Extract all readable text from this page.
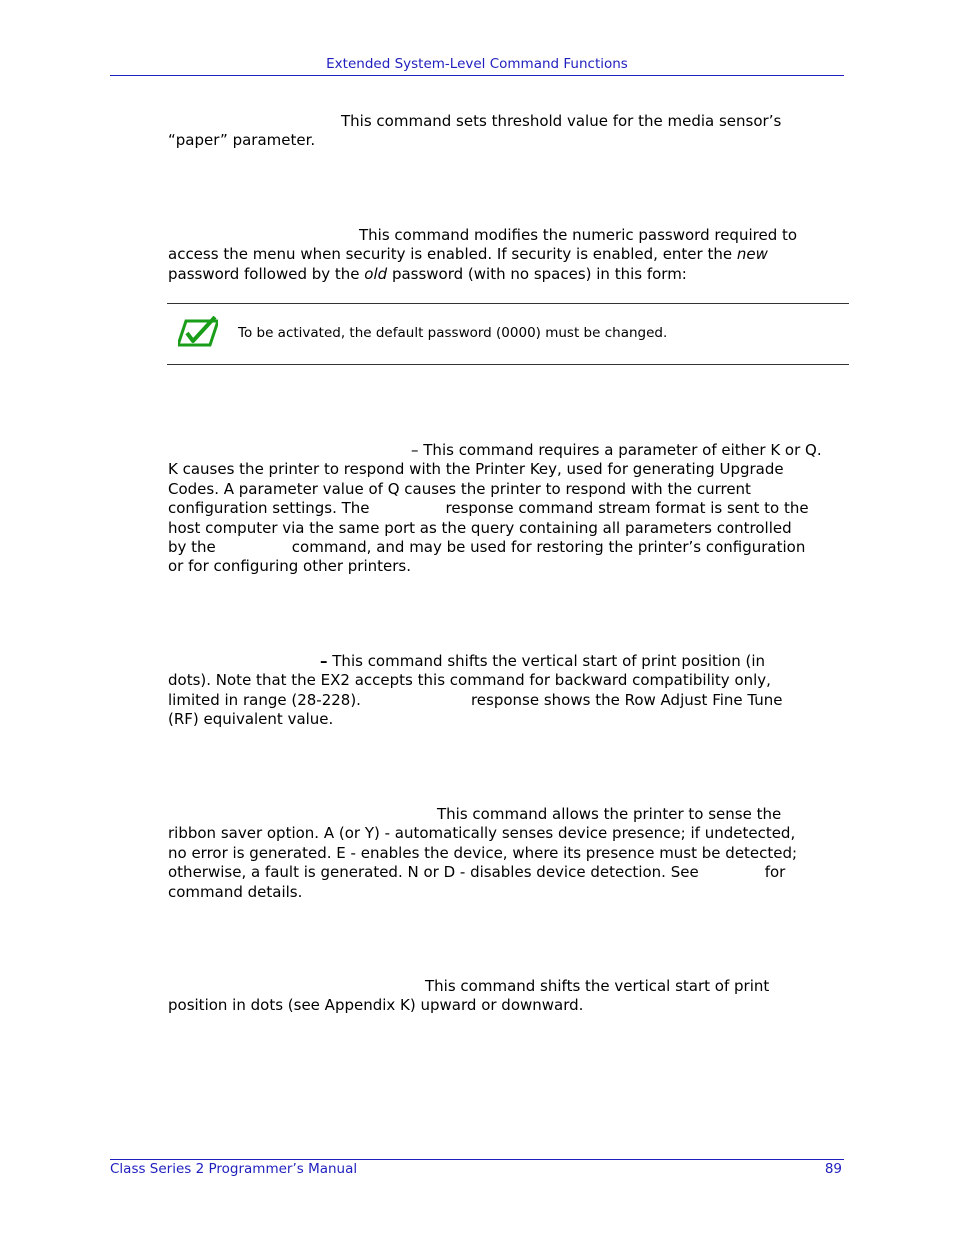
Extended System-Level Command Functions
This command sets threshold value for the media sensor’s
“paper” parameter.
This command modifies the numeric password required to
access the menu when security is enabled. If security is enabled, enter the new
password followed by the old password (with no spaces) in this form:
To be activated, the default password (0000) must be changed.
– This command requires a parameter of either K or Q.
K causes the printer to respond with the Printer Key, used for generating Upgrade
Codes. A parameter value of Q causes the printer to respond with the current
configuration settings. The	response command stream format is sent to the
host computer via the same port as the query containing all parameters controlled
by the	command, and may be used for restoring the printer’s configuration
or for configuring other printers.
– This command shifts the vertical start of print position (in
dots). Note that the EX2 accepts this command for backward compatibility only,
limited in range (28-228).	response shows the Row Adjust Fine Tune
(RF) equivalent value.
This command allows the printer to sense the
ribbon saver option. A (or Y) - automatically senses device presence; if undetected,
no error is generated. E - enables the device, where its presence must be detected;
otherwise, a fault is generated. N or D - disables device detection. See	for
command details.
This command shifts the vertical start of print
position in dots (see Appendix K) upward or downward.
Class Series 2 Programmer’s Manual	89
